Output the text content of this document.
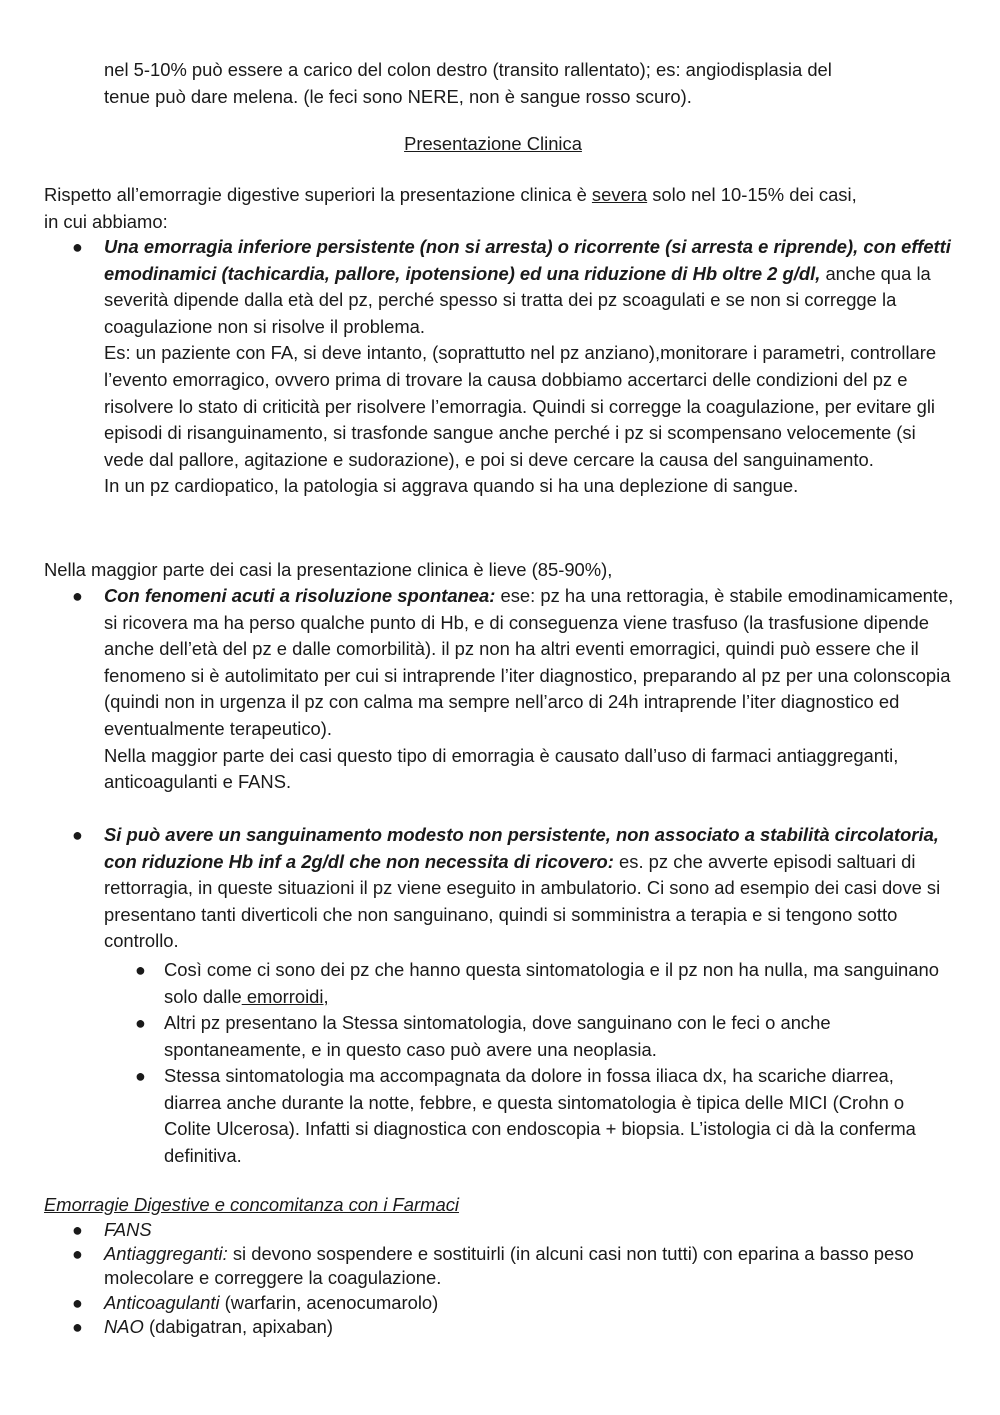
nel 5-10% può essere a carico del colon destro (transito rallentato); es: angiodisplasia del
tenue può dare melena. (le feci sono NERE, non è sangue rosso scuro).

Presentazione Clinica

Rispetto all’emorragie digestive superiori la presentazione clinica è severa solo nel 10-15% dei casi,
in cui abbiamo:

● Una emorragia inferiore persistente (non si arresta) o ricorrente (si arresta e riprende), con effetti emodinamici (tachicardia, pallore, ipotensione) ed una riduzione di Hb oltre 2 g/dl, anche qua la severità dipende dalla età del pz, perché spesso si tratta dei pz scoagulati e se non si corregge la coagulazione non si risolve il problema.
Es: un paziente con FA, si deve intanto, (soprattutto nel pz anziano),monitorare i parametri, controllare l’evento emorragico, ovvero prima di trovare la causa dobbiamo accertarci delle condizioni del pz e risolvere lo stato di criticità per risolvere l’emorragia. Quindi si corregge la coagulazione, per evitare gli episodi di risanguinamento, si trasfonde sangue anche perché i pz si scompensano velocemente (si vede dal pallore, agitazione e sudorazione), e poi si deve cercare la causa del sanguinamento.
In un pz cardiopatico, la patologia si aggrava quando si ha una deplezione di sangue.

Nella maggior parte dei casi la presentazione clinica è lieve (85-90%),

● Con fenomeni acuti a risoluzione spontanea: ese: pz ha una rettoragia, è stabile emodinamicamente, si ricovera ma ha perso qualche punto di Hb, e di conseguenza viene trasfuso (la trasfusione dipende anche dell’età del pz e dalle comorbilità). il pz non ha altri eventi emorragici, quindi può essere che il fenomeno si è autolimitato per cui si intraprende l’iter diagnostico, preparando al pz per una colonscopia (quindi non in urgenza il pz con calma ma sempre nell’arco di 24h intraprende l’iter diagnostico ed eventualmente terapeutico).
Nella maggior parte dei casi questo tipo di emorragia è causato dall’uso di farmaci antiaggreganti, anticoagulanti e FANS.

● Si può avere un sanguinamento modesto non persistente, non associato a stabilità circolatoria, con riduzione Hb inf a 2g/dl che non necessita di ricovero: es. pz che avverte episodi saltuari di rettorragia, in queste situazioni il pz viene eseguito in ambulatorio. Ci sono ad esempio dei casi dove si presentano tanti diverticoli che non sanguinano, quindi si somministra a terapia e si tengono sotto controllo.

● Così come ci sono dei pz che hanno questa sintomatologia e il pz non ha nulla, ma sanguinano solo dalle emorroidi,

● Altri pz presentano la Stessa sintomatologia, dove sanguinano con le feci o anche spontaneamente, e in questo caso può avere una neoplasia.

● Stessa sintomatologia ma accompagnata da dolore in fossa iliaca dx, ha scariche diarrea, diarrea anche durante la notte, febbre, e questa sintomatologia è tipica delle MICI (Crohn o Colite Ulcerosa). Infatti si diagnostica con endoscopia + biopsia. L’istologia ci dà la conferma definitiva.

Emorragie Digestive e concomitanza con i Farmaci

● FANS

● Antiaggreganti: si devono sospendere e sostituirli (in alcuni casi non tutti) con eparina a basso peso molecolare e correggere la coagulazione.

● Anticoagulanti (warfarin, acenocumarolo)

● NAO (dabigatran, apixaban)
